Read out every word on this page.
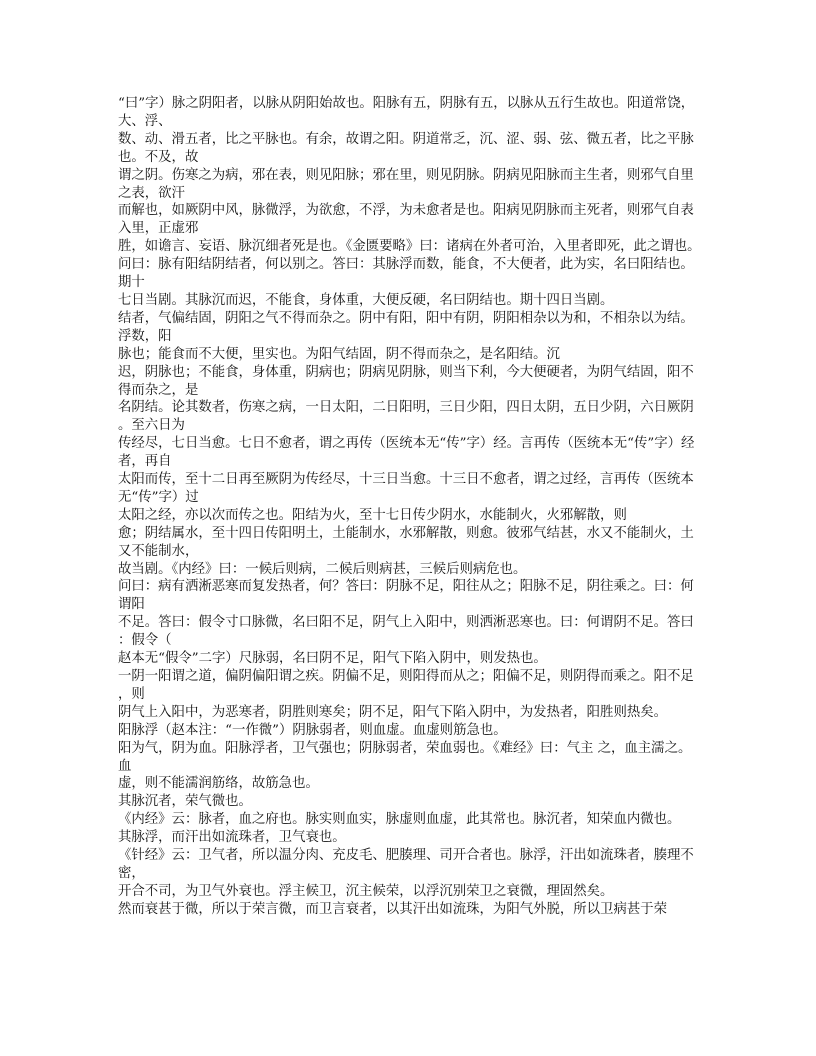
“曰”字）脉之阴阳者，以脉从阴阳始故也。阳脉有五，阴脉有五，以脉从五行生故也。阳道常饶，大、浮、

数、动、滑五者，比之平脉也。有余，故谓之阳。阴道常乏，沉、涩、弱、弦、微五者，比之平脉也。不及，故

谓之阴。伤寒之为病，邪在表，则见阳脉；邪在里，则见阴脉。阴病见阳脉而主生者，则邪气自里之表，欲汗

而解也，如厥阴中风，脉微浮，为欲愈，不浮，为未愈者是也。阳病见阴脉而主死者，则邪气自表入里，正虚邪

胜，如谵言、妄语、脉沉细者死是也。《金匮要略》曰：诸病在外者可治，入里者即死，此之谓也。

问曰：脉有阳结阴结者，何以别之。答曰：其脉浮而数，能食，不大便者，此为实，名曰阳结也。期十

七日当剧。其脉沉而迟，不能食，身体重，大便反硬，名曰阴结也。期十四日当剧。

结者，气偏结固，阴阳之气不得而杂之。阴中有阳，阳中有阴，阴阳相杂以为和，不相杂以为结。浮数，阳

脉也；能食而不大便，里实也。为阳气结固，阴不得而杂之，是名阳结。沉

迟，阴脉也；不能食，身体重，阴病也；阴病见阴脉，则当下利，今大便硬者，为阴气结固，阳不得而杂之，是

名阴结。论其数者，伤寒之病，一日太阳，二日阳明，三日少阳，四日太阴，五日少阴，六日厥阴。至六日为

传经尽，七日当愈。七日不愈者，谓之再传（医统本无“传”字）经。言再传（医统本无“传”字）经者，再自

太阳而传，至十二日再至厥阴为传经尽，十三日当愈。十三日不愈者，谓之过经，言再传（医统本无“传”字）过

太阳之经，亦以次而传之也。阳结为火，至十七日传少阴水，水能制火，火邪解散，则

愈；阴结属水，至十四日传阳明土，土能制水，水邪解散，则愈。彼邪气结甚，水又不能制火，土又不能制水，

故当剧。《内经》曰：一候后则病，二候后则病甚，三候后则病危也。

问曰：病有洒淅恶寒而复发热者，何？答曰：阴脉不足，阳往从之；阳脉不足，阴往乘之。曰：何谓阳

不足。答曰：假令寸口脉微，名曰阳不足，阴气上入阳中，则洒淅恶寒也。曰：何谓阴不足。答曰：假令（

赵本无“假令”二字）尺脉弱，名曰阴不足，阳气下陷入阴中，则发热也。

一阴一阳谓之道，偏阴偏阳谓之疾。阴偏不足，则阳得而从之；阳偏不足，则阴得而乘之。阳不足，则

阴气上入阳中，为恶寒者，阴胜则寒矣；阴不足，阳气下陷入阴中，为发热者，阳胜则热矣。

阳脉浮（赵本注：“一作微”）阴脉弱者，则血虚。血虚则筋急也。

阳为气，阴为血。阳脉浮者，卫气强也；阴脉弱者，荣血弱也。《难经》曰：气主 之，血主濡之。血

虚，则不能濡润筋络，故筋急也。

其脉沉者，荣气微也。

《内经》云：脉者，血之府也。脉实则血实，脉虚则血虚，此其常也。脉沉者，知荣血内微也。

其脉浮，而汗出如流珠者，卫气衰也。

《针经》云：卫气者，所以温分肉、充皮毛、肥腠理、司开合者也。脉浮，汗出如流珠者，腠理不密，

开合不司，为卫气外衰也。浮主候卫，沉主候荣，以浮沉别荣卫之衰微，理固然矣。

然而衰甚于微，所以于荣言微，而卫言衰者，以其汗出如流珠，为阳气外脱，所以卫病甚于荣
